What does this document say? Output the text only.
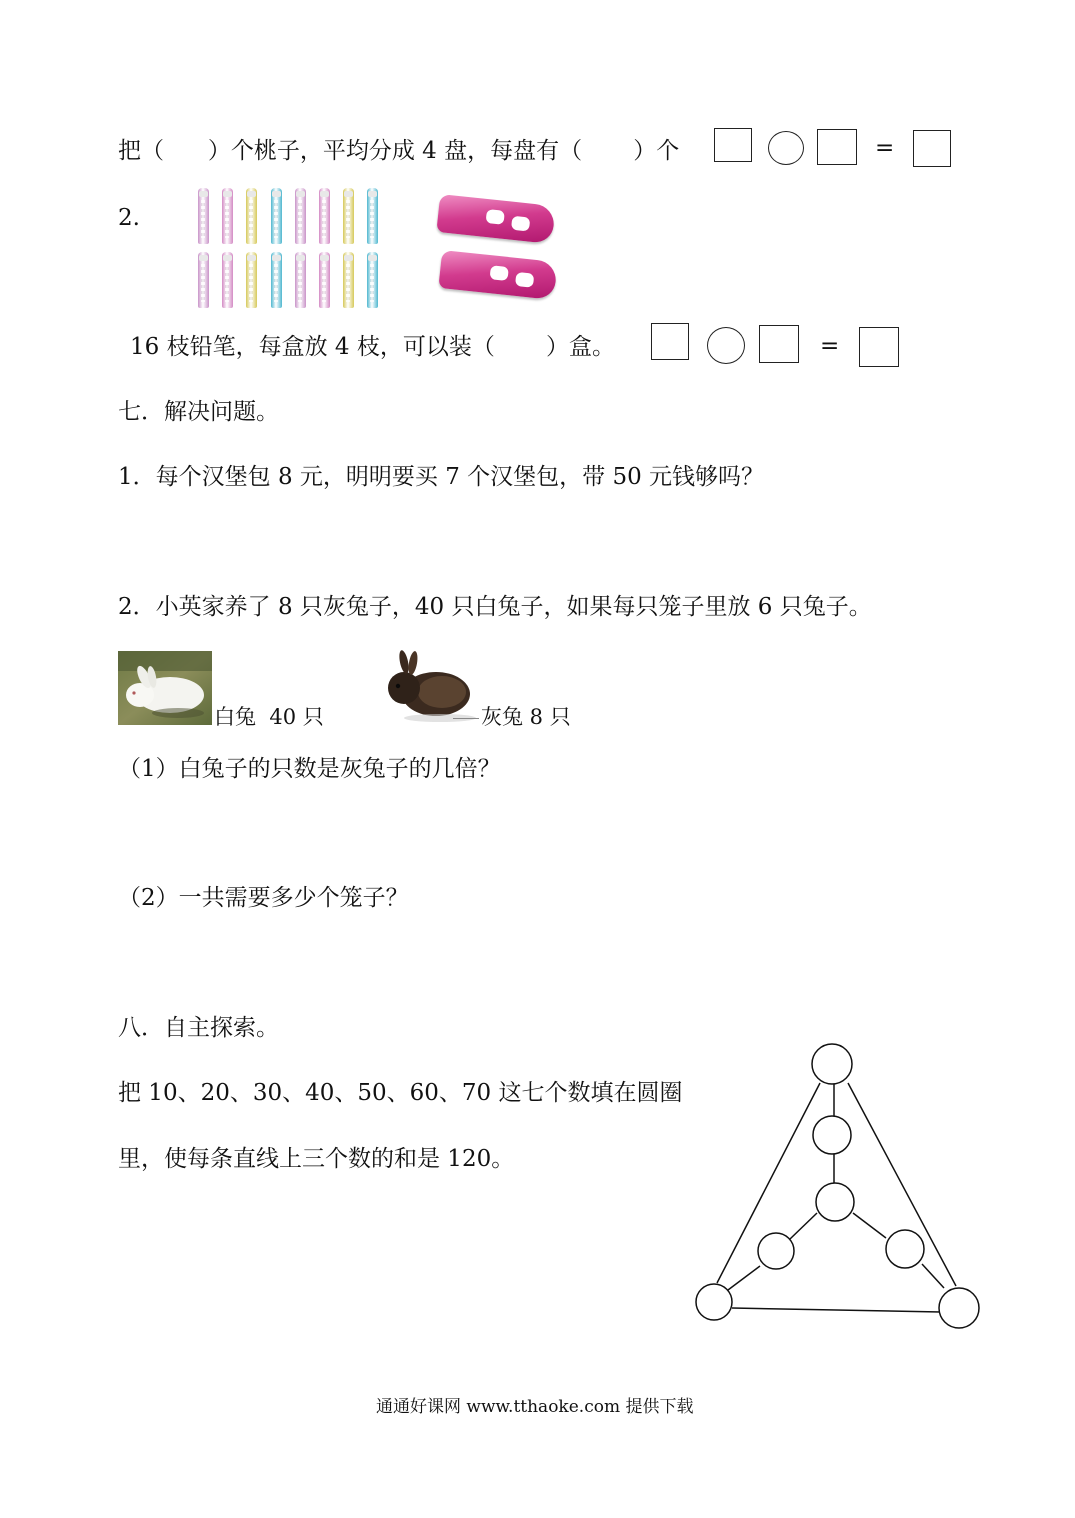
把（      ）个桃子，平均分成 4 盘，每盘有（       ）个	=
2.
16 枝铅笔，每盒放 4 枝，可以装（       ）盒。	=
七．解决问题。
1．每个汉堡包 8 元，明明要买 7 个汉堡包，带 50 元钱够吗？
2．小英家养了 8 只灰兔子，40 只白兔子，如果每只笼子里放 6 只兔子。
白兔  40 只	灰兔 8 只
（1）白兔子的只数是灰兔子的几倍？
（2）一共需要多少个笼子？
八．自主探索。
把 10、20、30、40、50、60、70 这七个数填在圆圈
里，使每条直线上三个数的和是 120。
通通好课网 www.tthaoke.com 提供下载
